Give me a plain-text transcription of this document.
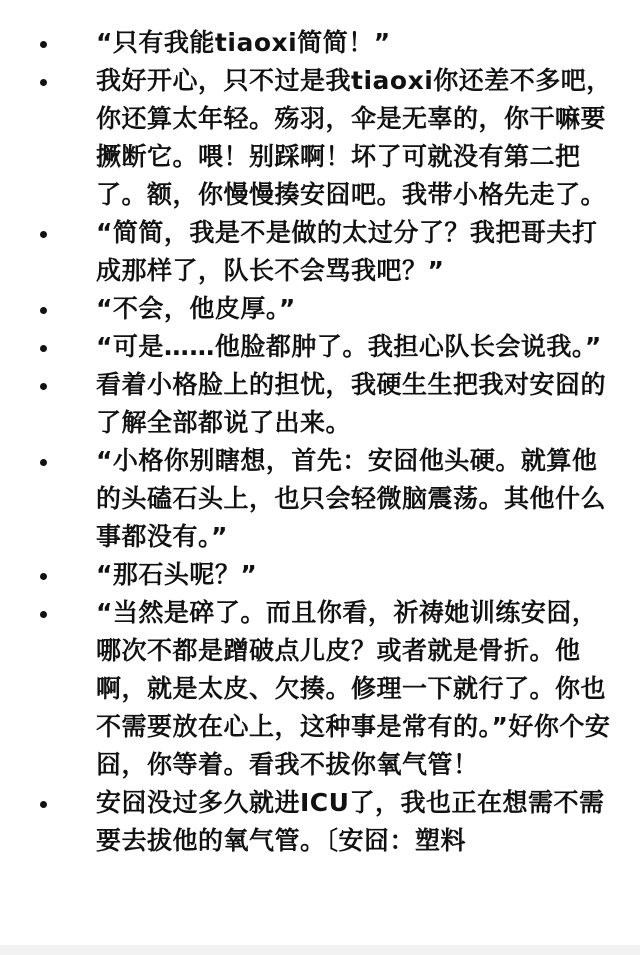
“只有我能tiaoxi简简！”
我好开心，只不过是我tiaoxi你还差不多吧，你还算太年轻。殇羽，伞是无辜的，你干嘛要撅断它。喂！别踩啊！坏了可就没有第二把了。额，你慢慢揍安囧吧。我带小格先走了。
“简简，我是不是做的太过分了？我把哥夫打成那样了，队长不会骂我吧？”
“不会，他皮厚。”
“可是……他脸都肿了。我担心队长会说我。”
看着小格脸上的担忧，我硬生生把我对安囧的了解全部都说了出来。
“小格你别瞎想，首先：安囧他头硬。就算他的头磕石头上，也只会轻微脑震荡。其他什么事都没有。”
“那石头呢？”
“当然是碎了。而且你看，祈祷她训练安囧，哪次不都是蹭破点儿皮？或者就是骨折。他啊，就是太皮、欠揍。修理一下就行了。你也不需要放在心上，这种事是常有的。”好你个安囧，你等着。看我不拔你氧气管！
安囧没过多久就进ICU了，我也正在想需不需要去拔他的氧气管。〔安囧：塑料
